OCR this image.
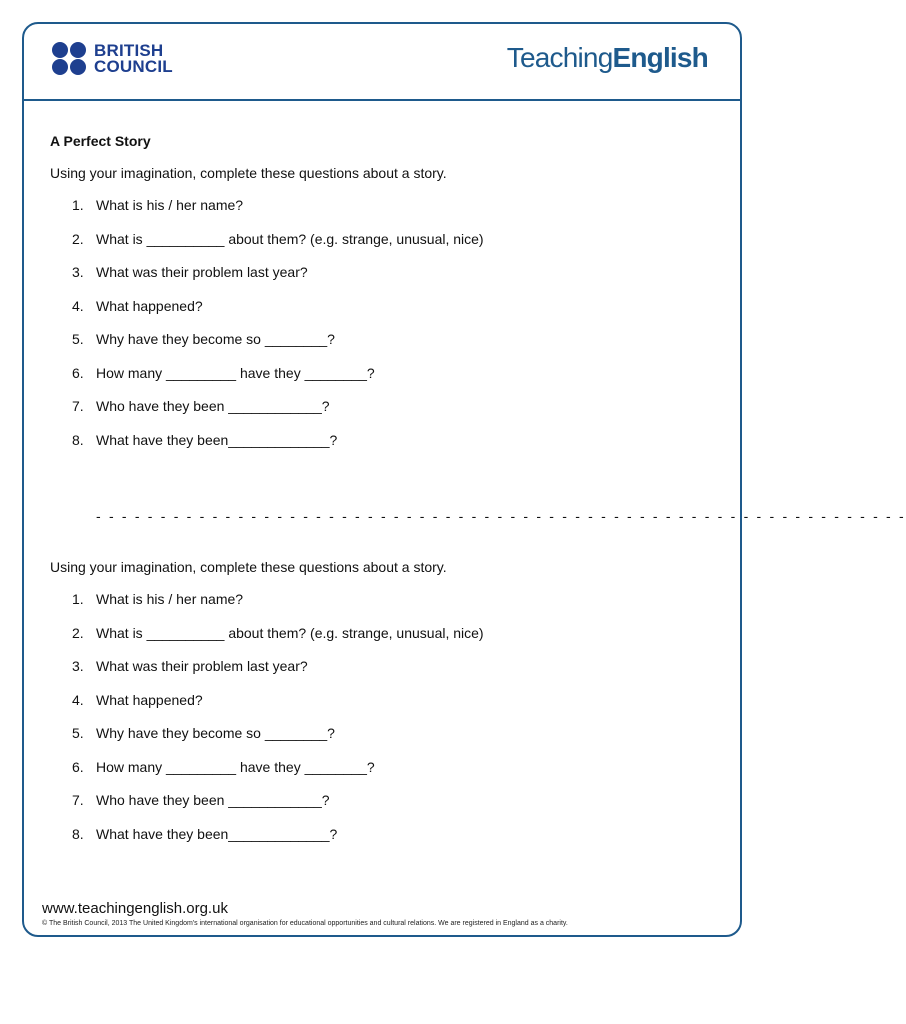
BRITISH
COUNCIL	TeachingEnglish
A Perfect Story
Using your imagination, complete these questions about a story.
1. What is his / her name?
2. What is __________ about them? (e.g. strange, unusual, nice)
3. What was their problem last year?
4. What happened?
5. Why have they become so ________?
6. How many _________ have they ________?
7. Who have they been ____________?
8. What have they been_____________?
- - - - - - - - - - - - - - - - - - - - - - - - - - - - - - - - - - - - - - - - - - - - - - - - - - - - - - - - - - - - - - -
Using your imagination, complete these questions about a story.
1. What is his / her name?
2. What is __________ about them? (e.g. strange, unusual, nice)
3. What was their problem last year?
4. What happened?
5. Why have they become so ________?
6. How many _________ have they ________?
7. Who have they been ____________?
8. What have they been_____________?
www.teachingenglish.org.uk
© The British Council, 2013 The United Kingdom's international organisation for educational opportunities and cultural relations. We are registered in England as a charity.
